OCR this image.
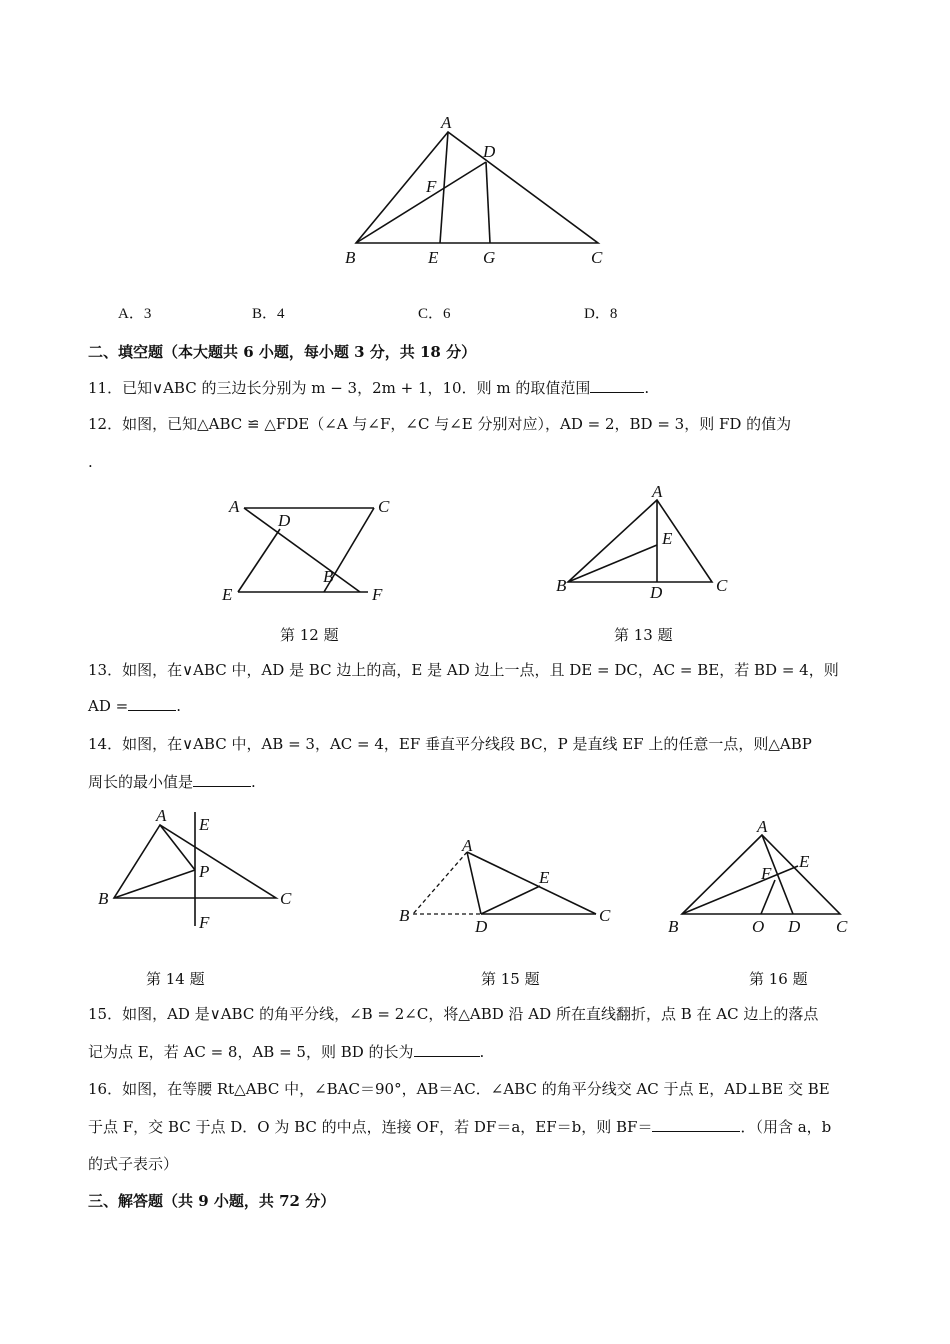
A
D
F
B	E	G	C
A．3	B．4	C．6	D．8
二、填空题（本大题共 6 小题，每小题 3 分，共 18 分）
11．已知∨ABC 的三边长分别为 m − 3，2m + 1，10．则 m 的取值范围	.
12．如图，已知△ABC ≌ △FDE（∠A 与∠F，∠C 与∠E 分别对应），AD = 2，BD = 3，则 FD 的值为
.
A	C
D
B
E	F
第 12 题
A
E
B	D	C
第 13 题
13．如图，在∨ABC 中，AD 是 BC 边上的高，E 是 AD 边上一点，且 DE = DC，AC = BE，若 BD = 4，则
AD =	.
14．如图，在∨ABC 中，AB = 3，AC = 4，EF 垂直平分线段 BC，P 是直线 EF 上的任意一点，则△ABP
周长的最小值是	.
A E
P
B	C
F
第 14 题
A
E
B
D
C
第 15 题
A
E
F
B	O D C
第 16 题
15．如图，AD 是∨ABC 的角平分线，∠B = 2∠C，将△ABD 沿 AD 所在直线翻折，点 B 在 AC 边上的落点
记为点 E，若 AC = 8，AB = 5，则 BD 的长为	.
16．如图，在等腰 Rt△ABC 中，∠BAC＝90°，AB＝AC．∠ABC 的角平分线交 AC 于点 E，AD⊥BE 交 BE
于点 F，交 BC 于点 D．O 为 BC 的中点，连接 OF，若 DF＝a，EF＝b，则 BF＝	．（用含 a，b
的式子表示）
三、解答题（共 9 小题，共 72 分）
